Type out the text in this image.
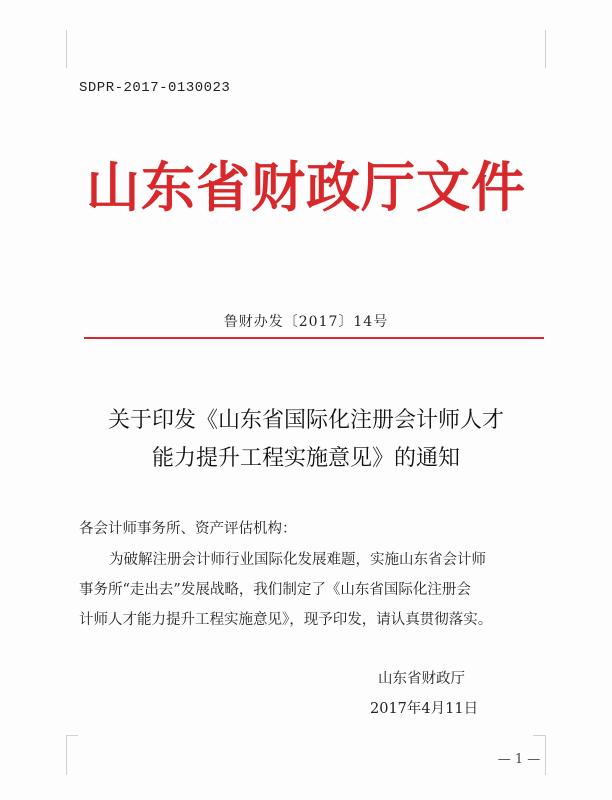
SDPR-2017-0130023
山东省财政厅文件
鲁财办发〔2017〕14号
关于印发《山东省国际化注册会计师人才
能力提升工程实施意见》的通知
各会计师事务所、资产评估机构：
为破解注册会计师行业国际化发展难题，实施山东省会计师
事务所“走出去”发展战略，我们制定了《山东省国际化注册会
计师人才能力提升工程实施意见》，现予印发，请认真贯彻落实。
山东省财政厅
2017年4月11日
— 1 —
